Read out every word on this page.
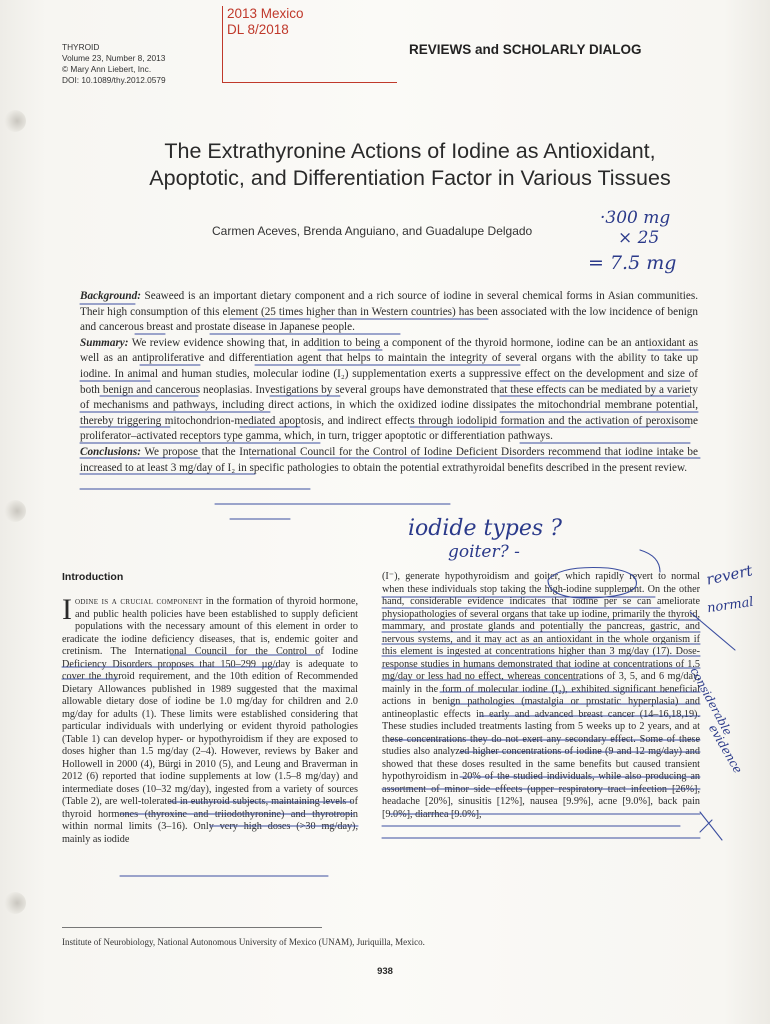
THYROID
Volume 23, Number 8, 2013
© Mary Ann Liebert, Inc.
DOI: 10.1089/thy.2012.0579
2013 Mexico
DL 8/2018
REVIEWS and SCHOLARLY DIALOG
The Extrathyronine Actions of Iodine as Antioxidant,
Apoptotic, and Differentiation Factor in Various Tissues
Carmen Aceves, Brenda Anguiano, and Guadalupe Delgado

Background: Seaweed is an important dietary component and a rich source of iodine in several chemical forms in Asian communities. Their high consumption of this element (25 times higher than in Western countries) has been associated with the low incidence of benign and cancerous breast and prostate disease in Japanese people.

Summary: We review evidence showing that, in addition to being a component of the thyroid hormone, iodine can be an antioxidant as well as an antiproliferative and differentiation agent that helps to maintain the integrity of several organs with the ability to take up iodine. In animal and human studies, molecular iodine (I₂) supplementation exerts a suppressive effect on the development and size of both benign and cancerous neoplasias. Investigations by several groups have demonstrated that these effects can be mediated by a variety of mechanisms and pathways, including direct actions, in which the oxidized iodine dissipates the mitochondrial membrane potential, thereby triggering mitochondrion-mediated apoptosis, and indirect effects through iodolipid formation and the activation of peroxisome proliferator–activated receptors type gamma, which, in turn, trigger apoptotic or differentiation pathways.

Conclusions: We propose that the International Council for the Control of Iodine Deficient Disorders recommend that iodine intake be increased to at least 3 mg/day of I₂ in specific pathologies to obtain the potential extrathyroidal benefits described in the present review.

Introduction

Iodine is a crucial component in the formation of thyroid hormone, and public health policies have been established to supply deficient populations with the necessary amount of this element in order to eradicate the iodine deficiency diseases, that is, endemic goiter and cretinism. The International Council for the Control of Iodine Deficiency Disorders proposes that 150–299 µg/day is adequate to cover the thyroid requirement, and the 10th edition of Recommended Dietary Allowances published in 1989 suggested that the maximal allowable dietary dose of iodine be 1.0 mg/day for children and 2.0 mg/day for adults (1). These limits were established considering that particular individuals with underlying or evident thyroid pathologies (Table 1) can develop hyper- or hypothyroidism if they are exposed to doses higher than 1.5 mg/day (2–4). However, reviews by Baker and Hollowell in 2000 (4), Bürgi in 2010 (5), and Leung and Braverman in 2012 (6) reported that iodine supplements at low (1.5–8 mg/day) and intermediate doses (10–32 mg/day), ingested from a variety of sources (Table 2), are well-tolerated in euthyroid subjects, maintaining levels of thyroid hormones (thyroxine and triiodothyronine) and thyrotropin within normal limits (3–16). Only very high doses (>30 mg/day), mainly as iodide

(I⁻), generate hypothyroidism and goiter, which rapidly revert to normal when these individuals stop taking the high-iodine supplement. On the other hand, considerable evidence indicates that iodine per se can ameliorate physiopathologies of several organs that take up iodine, primarily the thyroid, mammary, and prostate glands and potentially the pancreas, gastric, and nervous systems, and it may act as an antioxidant in the whole organism if this element is ingested at concentrations higher than 3 mg/day (17). Dose-response studies in humans demonstrated that iodine at concentrations of 1.5 mg/day or less had no effect, whereas concentrations of 3, 5, and 6 mg/day, mainly in the form of molecular iodine (I₂), exhibited significant beneficial actions in benign pathologies (mastalgia or prostatic hyperplasia) and antineoplastic effects in early and advanced breast cancer (14–16,18,19). These studies included treatments lasting from 5 weeks up to 2 years, and at these concentrations they do not exert any secondary effect. Some of these studies also analyzed higher concentrations of iodine (9 and 12 mg/day) and showed that these doses resulted in the same benefits but caused transient hypothyroidism in 20% of the studied individuals, while also producing an assortment of minor side effects (upper respiratory tract infection [26%], headache [20%], sinusitis [12%], nausea [9.9%], acne [9.0%], back pain [9.0%], diarrhea [9.0%],

Institute of Neurobiology, National Autonomous University of Mexico (UNAM), Juriquilla, Mexico.
938
·300 mg
× 25
= 7.5 mg
iodide types ?
goiter? -
revert
normal
considerable
evidence
